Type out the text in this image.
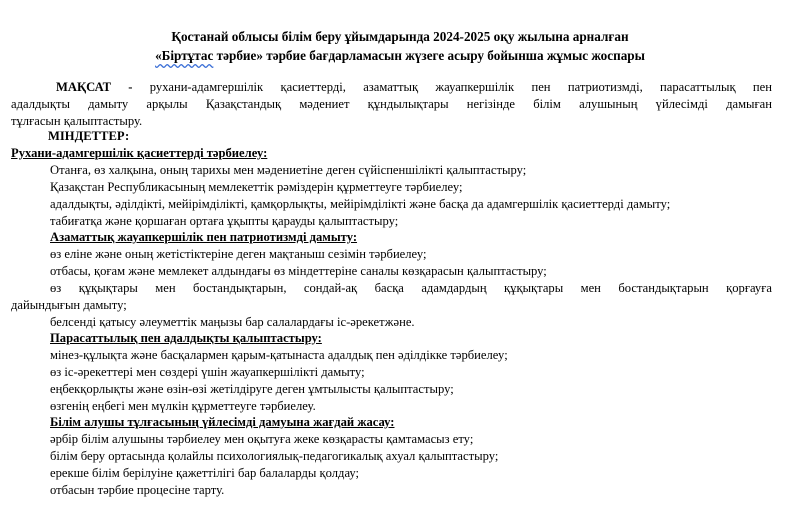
Қостанай облысы білім беру ұйымдарында 2024-2025 оқу жылына арналған
«Біртұтас тәрбие» тәрбие бағдарламасын жүзеге асыру бойынша жұмыс жоспары
МАҚСАТ - рухани-адамгершілік қасиеттерді, азаматтық жауапкершілік пен патриотизмді, парасаттылық пен
адалдықты дамыту арқылы Қазақстандық мәдениет құндылықтары негізінде білім алушының үйлесімді дамыған
тұлғасын қалыптастыру.
МІНДЕТТЕР:
Рухани-адамгершілік қасиеттерді тәрбиелеу:
Отанға, өз халқына, оның тарихы мен мәдениетіне деген сүйіспеншілікті қалыптастыру;
Қазақстан Республикасының мемлекеттік рәміздерін құрметтеуге тәрбиелеу;
адалдықты, әділдікті, мейірімділікті, қамқорлықты, мейірімділікті және басқа да адамгершілік қасиеттерді дамыту;
табиғатқа және қоршаған ортаға ұқыпты қарауды қалыптастыру;
Азаматтық жауапкершілік пен патриотизмді дамыту:
өз еліне және оның жетістіктеріне деген мақтаныш сезімін тәрбиелеу;
отбасы, қоғам және мемлекет алдындағы өз міндеттеріне саналы көзқарасын қалыптастыру;
өз құқықтары мен бостандықтарын, сондай-ақ басқа адамдардың құқықтары мен бостандықтарын қорғауға
дайындығын дамыту;
белсенді қатысу әлеуметтік маңызы бар салалардағы іс-әрекетжәне.
Парасаттылық пен адалдықты қалыптастыру:
мінез-құлықта және басқалармен қарым-қатынаста адалдық пен әділдікке тәрбиелеу;
өз іс-әрекеттері мен сөздері үшін жауапкершілікті дамыту;
еңбекқорлықты және өзін-өзі жетілдіруге деген ұмтылысты қалыптастыру;
өзгенің еңбегі мен мүлкін құрметтеуге тәрбиелеу.
Білім алушы тұлғасының үйлесімді дамуына жағдай жасау:
әрбір білім алушыны тәрбиелеу мен оқытуға жеке көзқарасты қамтамасыз ету;
білім беру ортасында қолайлы психологиялық-педагогикалық ахуал қалыптастыру;
ерекше білім берілуіне қажеттілігі бар балаларды қолдау;
отбасын тәрбие процесіне тарту.
